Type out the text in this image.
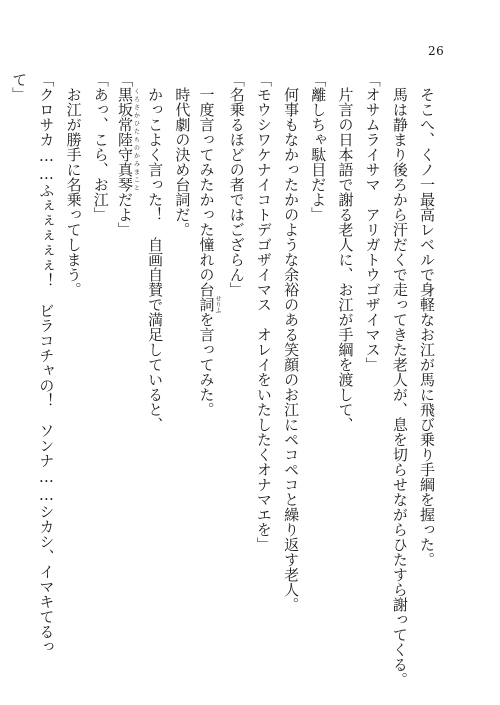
26
そこへ、くノ一最高レベルで身軽なお江が馬に飛び乗り手綱を握った。
馬は静まり後ろから汗だくで走ってきた老人が、息を切らせながらひたすら謝ってくる。
「オサムライサマ　アリガトウゴザイマス」
片言の日本語で謝る老人に、お江が手綱を渡して、
「離しちゃ駄目だよ」
何事もなかったかのような余裕のある笑顔のお江にペコペコと繰り返す老人。
「モウシワケナイコトデゴザイマス　オレイをいたしたくオナマエを」
「名乗るほどの者ではござらん」
一度言ってみたかった憧れの台詞せりふを言ってみた。
時代劇の決め台詞だ。
かっこよく言った！　自画自賛で満足していると、
「黒坂常陸守真琴くろさかひたちのかみまことだよ」
「あっ、こら、お江」
お江が勝手に名乗ってしまう。
「クロサカ……ふぇぇぇぇぇ！　ビラコチャの！　ソンナ……シカシ、イマキてるっ
て」
